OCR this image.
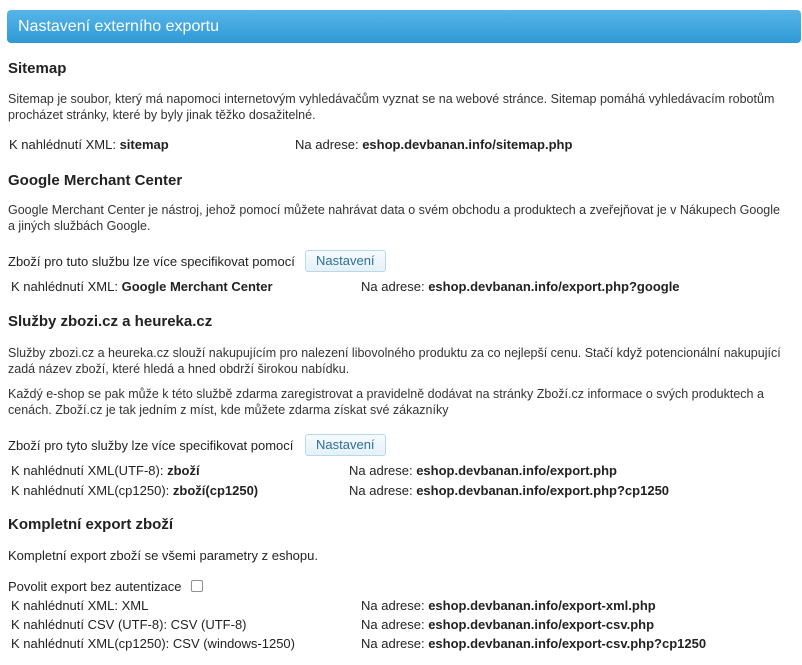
Nastavení externího exportu
Sitemap
Sitemap je soubor, který má napomoci internetovým vyhledávačům vyznat se na webové stránce. Sitemap pomáhá vyhledávacím robotům procházet stránky, které by byly jinak těžko dosažitelné.
K nahlédnutí XML: sitemap	Na adrese: eshop.devbanan.info/sitemap.php
Google Merchant Center
Google Merchant Center je nástroj, jehož pomocí můžete nahrávat data o svém obchodu a produktech a zveřejňovat je v Nákupech Google a jiných službách Google.
Zboží pro tuto službu lze více specifikovat pomocí	Nastavení
K nahlédnutí XML: Google Merchant Center	Na adrese: eshop.devbanan.info/export.php?google
Služby zbozi.cz a heureka.cz
Služby zbozi.cz a heureka.cz slouží nakupujícím pro nalezení libovolného produktu za co nejlepší cenu. Stačí když potencionální nakupující zadá název zboží, které hledá a hned obdrží širokou nabídku.
Každý e-shop se pak může k této službě zdarma zaregistrovat a pravidelně dodávat na stránky Zboží.cz informace o svých produktech a cenách. Zboží.cz je tak jedním z míst, kde můžete zdarma získat své zákazníky
Zboží pro tyto služby lze více specifikovat pomocí	Nastavení
K nahlédnutí XML(UTF-8): zboží	Na adrese: eshop.devbanan.info/export.php
K nahlédnutí XML(cp1250): zboží(cp1250)	Na adrese: eshop.devbanan.info/export.php?cp1250
Kompletní export zboží
Kompletní export zboží se všemi parametry z eshopu.
Povolit export bez autentizace
K nahlédnutí XML: XML	Na adrese: eshop.devbanan.info/export-xml.php
K nahlédnutí CSV (UTF-8): CSV (UTF-8)	Na adrese: eshop.devbanan.info/export-csv.php
K nahlédnutí XML(cp1250): CSV (windows-1250)	Na adrese: eshop.devbanan.info/export-csv.php?cp1250
